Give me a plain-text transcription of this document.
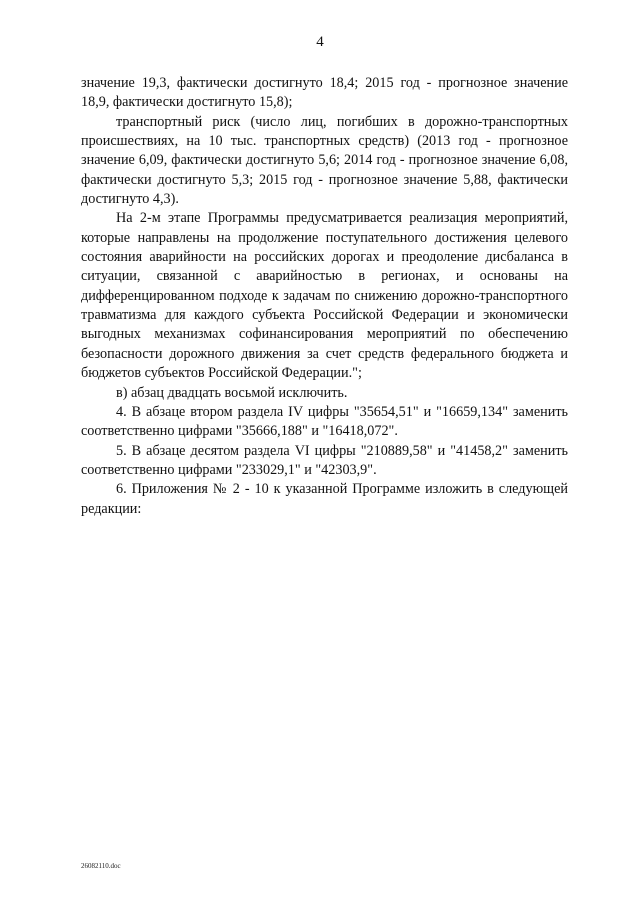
4

значение 19,3, фактически достигнуто 18,4; 2015 год - прогнозное значение 18,9, фактически достигнуто 15,8);

транспортный риск (число лиц, погибших в дорожно-транспортных происшествиях, на 10 тыс. транспортных средств) (2013 год - прогнозное значение 6,09, фактически достигнуто 5,6; 2014 год - прогнозное значение 6,08, фактически достигнуто 5,3; 2015 год - прогнозное значение 5,88, фактически достигнуто 4,3).

На 2-м этапе Программы предусматривается реализация мероприятий, которые направлены на продолжение поступательного достижения целевого состояния аварийности на российских дорогах и преодоление дисбаланса в ситуации, связанной с аварийностью в регионах, и основаны на дифференцированном подходе к задачам по снижению дорожно-транспортного травматизма для каждого субъекта Российской Федерации и экономически выгодных механизмах софинансирования мероприятий по обеспечению безопасности дорожного движения за счет средств федерального бюджета и бюджетов субъектов Российской Федерации.";

в) абзац двадцать восьмой исключить.

4. В абзаце втором раздела IV цифры "35654,51" и "16659,134" заменить соответственно цифрами "35666,188" и "16418,072".

5. В абзаце десятом раздела VI цифры "210889,58" и "41458,2" заменить соответственно цифрами "233029,1" и "42303,9".

6. Приложения № 2 - 10 к указанной Программе изложить в следующей редакции:

26082110.doc
